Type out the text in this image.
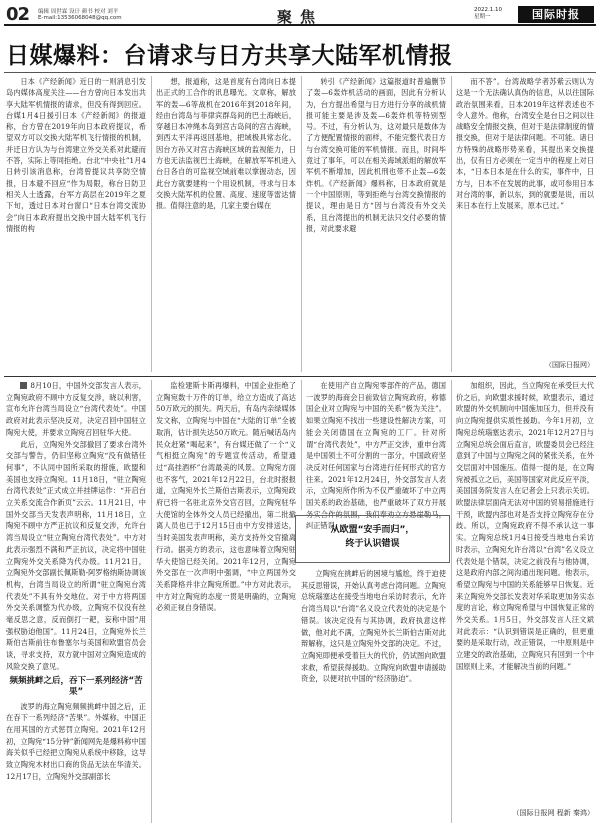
02 编辑 周世霖 设计 颜书 校对 刘平
E-mail:13536068048@qq.com	聚焦	2022.1.10
星期一	国际时报
日媒爆料：台请求与日方共享大陆军机情报
日本《产经新闻》近日的一则消息引发岛内媒体高度关注——台方曾向日本发出共享大陆军机情报的请求，但没有得到回应。台媒1月4日援引日本《产经新闻》的报道称，台方曾在2019年向日本政府提议，希望双方可以交换大陆军机飞行情报的机制，并迁日方认为与台湾建立外交关系对此避而不答，实际上等同拒绝。台北“中央社”1月4日转引该消息称，台湾曾提议共享防空情报，日本避不回应“作为局限，称台日防卫相关人士透露，台军方高层在2019年之夏下旬，透过日本对台窗口“日本台湾交流协会”向日本政府提出交换中国大陆军机飞行情报的构
想，报道称，这是首度有台湾向日本提出正式的工合作的讯息曝光。文章称，解放军的轰—6等战机在2016年到2018年间，经由台湾岛与菲律宾群岛间的巴士海峡后，穿越日本冲绳本岛到宫古岛间的宫古海峡，到西太平洋再返回基地，把域极具常态化。因台方孙又对宫古海峡区域的监视能力，日方也无法监视巴士海峡，在解放军军机进入台日各自的可监视空域前难以掌握动态，因此台方就要建构一个用设机制，寻求与日本交换大陆军机的位置、高度、速度等雷达情报。值得注意的是，几家主要台媒在
转引《产经新闻》这篇报道时普遍删节了轰—6轰炸机活动的画面，因此有分析认为，台方提出希望与日方进行分享的战机情报可能主要是涉及轰—6轰炸机等特别型号。不过，有分析认为，这对最只是数体为了方便配置情报的面样，不能完整代表日方与台湾交换可能的军机情报。而且，时间毕竟过了事年，可以在相关海域派组的解放军军机不断增加，因此机刑也带不止轰—6轰炸机。《产经新闻》爆料称，日本政府就是一个中国原则，等到拒绝与台湾交换情报的提议，理由是日方“因与台湾没有外交关系，且台湾提出的机制无法只交付必要的情报，对此要求避
而不答”。台湾战略学者苏紫云则认为这是一个无法确认真伪的信息，从以往国际政治氛围来看，日本2019年这样表述也不令人意外。他称，台湾安全是台日之间以往战略安全情报交换，但对于是法律制度的情报交换，但对于是法律问题。不可能。诸日方特殊的战略形势来看，其提出来交换提出，仅有日方必须在一定当中的程度上对日本，“日本日本是在什么的实，事件中，日方与，日本不在发展的此事，或可参用日本对台湾的事，新以东，到的就要是说，而以来日本在行上发展来，原本已过。”
（国际日报网）

8月10日，中国外交部发言人表示，立陶宛政府不顾中方反复交涉，晓以利害，宣布允许台湾当局设立“台湾代表处”。中国政府对此表示坚决反对，决定召回中国驻立陶宛大使，并要求立陶宛召回驻华大使。

此后，立陶宛外交部撤回了要求台湾外交部与警告，仍旧坚称立陶宛“没有做错任何事”，不认同中国所采取的措施，欧盟和美国也支持立陶宛。11月18日，“驻立陶宛台湾代表处”正式成立并挂牌运作：“开启台立关系交流合作新页”云云。11月21日，中国外交部当天发表声明称，11月18日，立陶宛不顾中方严正抗议和反复交涉，允许台湾当局设立“驻立陶宛台湾代表处”。中方对此表示强烈不满和严正抗议，决定将中国驻立陶宛外交关系降为代办级。11月21日，立陶宛外交部副长佩斯勒-阿罗格纳斯协调该机构，台湾当局设立的所谓“驻立陶宛台湾代表处”不具有外交地位。对于中方将两国外交关系调整为代办级，立陶宛不仅没有丝毫反思之意，反而倒打一耙，妄称中国“用强权胁迫他国”。11月24日，立陶宛外长兰斯伯吉斯前往布鲁塞尔与美国和欧盟官员会谈，寻求支持，双方就中国对立陶宛造成的风险交换了意见。

频频挑衅之后，吞下一系列经济“苦果”

波罗的海立陶宛频频挑衅中国之后，正在吞下一系列经济“苦果”。外媒称，中国正在用其国的方式惩罚立陶宛。2021年12月初，立陶宛“15分钟”新闻网先是爆料称中国海关似乎已经把立陶宛从系统中移除，这导致立陶宛木材出口商的货品无法在华清关。12月17日，立陶宛外交部副部长

监检建斯卡斯再爆料，中国企业拒绝了立陶宛数十万件的订单，给立方造成了高达50万欧元的损失。两天后，有岛内亲绿媒体发文称，立陶宛与中国在“大陆的订单”全被取消，估计损失达50万欧元。随后喊话岛内民众赶紧“喝起来”，有台媒还做了一个“义气相挺立陶宛”的专题宣传活动，希望通过“高挂酒杯”台湾最美的风景。立陶宛方面也不客气，2021年12月22日，台北时报报道，立陶宛外长兰斯伯吉斯表示，立陶宛政府已将一名驻北京外交官召回，立陶宛驻华大使馆的全体外交人员已经撤出，第二批撤离人员也已于12月15日由中方安排送达，当时美国发表声明称，美方支持外交官撤离行动。据美方的表示，这也意味着立陶宛驻华大使馆已经关闭。2021年12月，立陶宛外交部在一次声明中强调，“中立两国外交关系降格并非立陶宛所愿。”中方对此表示，中方对立陶宛的态度一贯是明确的，立陶宛必须正视自身错误。

在使用产自立陶宛零部件的产品，德国一波罗的海商会日前致信立陶宛政府，称德国企业对立陶宛与中国的关系“极为关注”。如果立陶宛不找出一些建设性解决方案，可能会关闭德国在立陶宛的工厂。针对所谓“台湾代表处”，中方严正交涉，重申台湾是中国领土不可分割的一部分，中国政府坚决反对任何国家与台湾进行任何形式的官方往来。2021年12月24日，外交部发言人表示，立陶宛所作所为不仅严重破坏了中立两国关系的政治基础，也严重破坏了双方开展务实合作的氛围，我们奉劝立方悬崖勒马，纠正错误。

从欧盟“安手而归”，
终于认识错误

立陶宛在挑衅后的困境与尴尬，终于迫使其反思错误，开始认真考虑台湾问题。立陶宛总统瑙塞达在接受当地电台采访时表示，允许台湾当局以“台湾”名义设立代表处的决定是个错误。该决定没有与其协调，政府执意这样做，他对此不满，立陶宛外长兰斯伯吉斯对此辩解称，这只是立陶宛外交部的决定。不过，立陶宛即便承受着巨大的代价，仍试图向欧盟求救，希望获得援助。立陶宛向欧盟申请援助资金，以便对抗中国的“经济胁迫”。

加组织，因此，当立陶宛在承受巨大代价之后，向欧盟求援时候，欧盟表示，通过欧盟的外交机制向中国施加压力，但并没有向立陶宛提供实质性援助。今年1月初，立陶宛总统瑙塞达表示，2021年12月27日与立陶宛总统会面后直言，欧盟委员会已经注意到了中国与立陶宛之间的紧张关系，在外交层面对中国施压。值得一提的是，在立陶宛被孤立之后，美国等国家对此反应平淡，美国国务院发言人在记者会上只表示关切。欧盟法律层面尚无法对中国的贸易措施进行干预，欧盟内部也对是否支持立陶宛存在分歧。所以，立陶宛政府不得不承认这一事实。立陶宛总统1月4日接受当地电台采访时表示，立陶宛允许台湾以“台湾”名义设立代表处是个错误，决定之前没有与他协调，这是政府内部之间沟通出现问题。他表示，希望立陶宛与中国的关系能够早日恢复。近来立陶宛外交部长发表对华采取更加务实态度的言论，称立陶宛希望与中国恢复正常的外交关系。1月5日，外交部发言人汪文斌对此表示：“认识到错误是正确的，但更重要的是采取行动，改正错误，一中原则是中立建交的政治基础，立陶宛只有回到一个中国原则上来，才能解决当前的问题。”

（国际日报网 程新 秦鸿）
